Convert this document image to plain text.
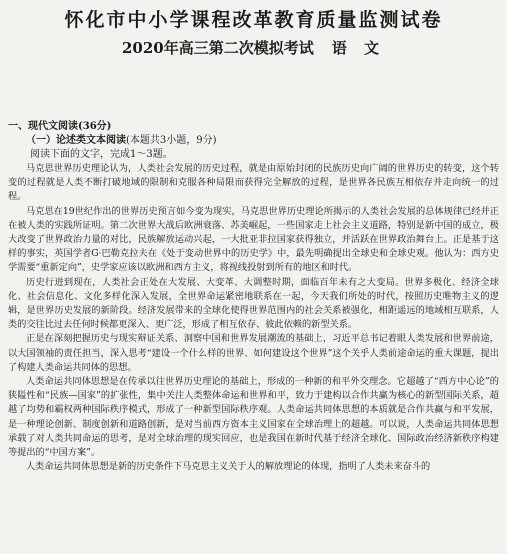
怀化市中小学课程改革教育质量监测试卷
2020年高三第二次模拟考试 语 文
一、现代文阅读(36分)
（一）论述类文本阅读(本题共3小题，9分)
阅读下面的文字，完成1～3题。

马克思世界历史理论认为，人类社会发展的历史过程，就是由原始封闭的民族历史向广阔的世界历史的转变，这个转变的过程就是人类不断打破地域的限制和克服各种局限而获得完全解放的过程，是世界各民族互相依存并走向统一的过程。

马克思在19世纪作出的世界历史预言如今变为现实，马克思世界历史理论所揭示的人类社会发展的总体规律已经并正在被人类的实践所证明。第二次世界大战后欧洲衰落、苏美崛起，一些国家走上社会主义道路，特别是新中国的成立，极大改变了世界政治力量的对比，民族解放运动兴起，一大批亚非拉国家获得独立，并活跃在世界政治舞台上。正是基于这样的事实，英国学者G·巴勒克拉夫在《处于变动世界中的历史学》中，最先明确提出全球史和全球史观。他认为：西方史学需要“重新定向”，史学家应该以欧洲和西方主义，将视线投射到所有的地区和时代。

历史行进到现在，人类社会正处在大发展、大变革、大调整时期，面临百年未有之大变局。世界多极化、经济全球化、社会信息化、文化多样化深入发展，全世界命运紧密地联系在一起，今天我们所处的时代，按照历史唯物主义的逻辑，是世界历史发展的新阶段。经济发展带来的全球化使得世界范围内的社会关系被强化，相距遥远的地域相互联系，人类的交往比过去任何时候都更深入、更广泛，形成了相互依存、彼此依赖的新型关系。

正是在深刻把握历史与现实辩证关系、洞察中国和世界发展潮流的基础上，习近平总书记着眼人类发展和世界前途，以大国领袖的责任担当，深入思考“建设一个什么样的世界、如何建设这个世界”这个关乎人类前途命运的重大课题，提出了构建人类命运共同体的思想。

人类命运共同体思想是在传承以往世界历史理论的基础上，形成的一种新的和平外交理念。它超越了“西方中心论”的狭隘性和“民族—国家”的扩张性，集中关注人类整体命运和世界和平，致力于建构以合作共赢为核心的新型国际关系，超越了均势和霸权两种国际秩序模式，形成了一种新型国际秩序观。人类命运共同体思想的本质就是合作共赢与和平发展，是一种理论创新、制度创新和道路创新，是对当前西方资本主义国家在全球治理上的超越。可以说，人类命运共同体思想承载了对人类共同命运的思考，是对全球治理的现实回应，也是我国在新时代基于经济全球化、国际政治经济新秩序构建等提出的“中国方案”。

人类命运共同体思想是新的历史条件下马克思主义关于人的解放理论的体现，指明了人类未来奋斗的
